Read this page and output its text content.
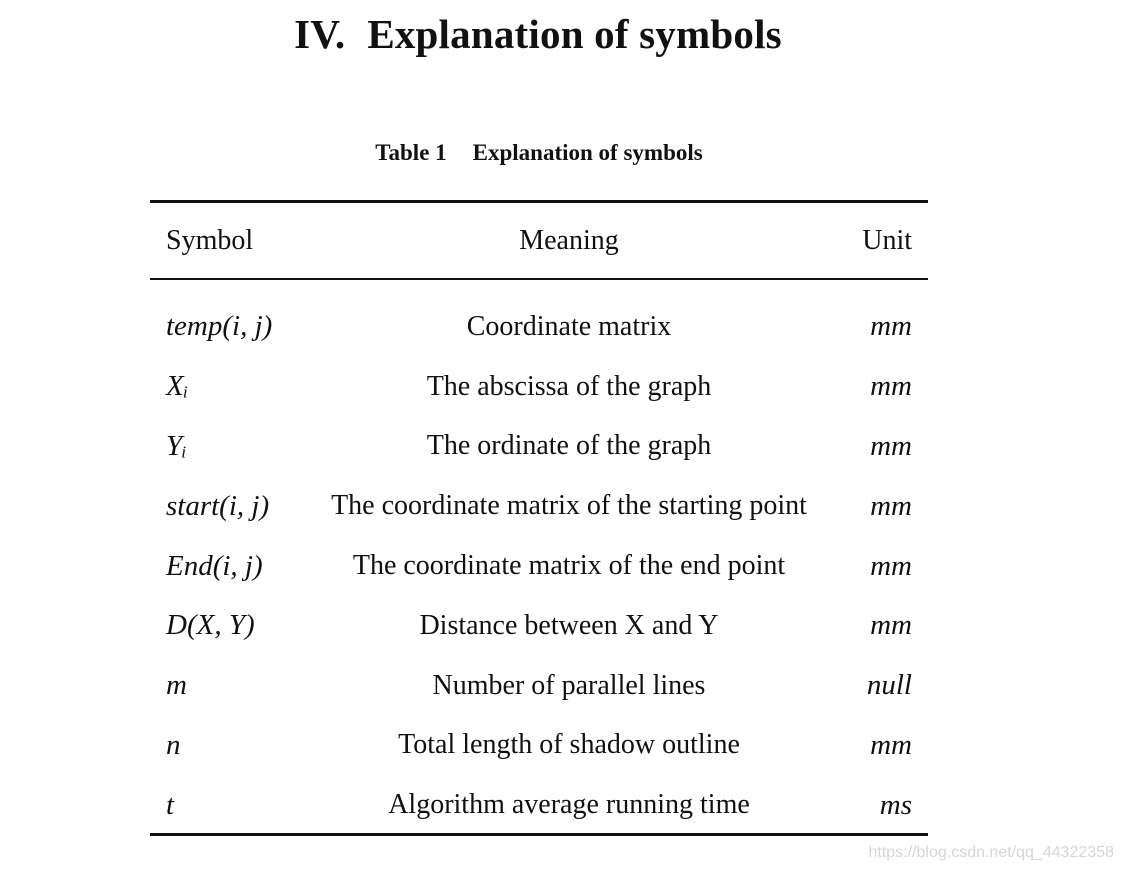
IV. Explanation of symbols
Table 1 Explanation of symbols
Symbol	Meaning	Unit
temp(i, j)	Coordinate matrix	mm
Xᵢ	The abscissa of the graph	mm
Yᵢ	The ordinate of the graph	mm
start(i, j)	The coordinate matrix of the starting point	mm
End(i, j)	The coordinate matrix of the end point	mm
D(X, Y)	Distance between X and Y	mm
m	Number of parallel lines	null
n	Total length of shadow outline	mm
t	Algorithm average running time	ms
https://blog.csdn.net/qq_44322358
